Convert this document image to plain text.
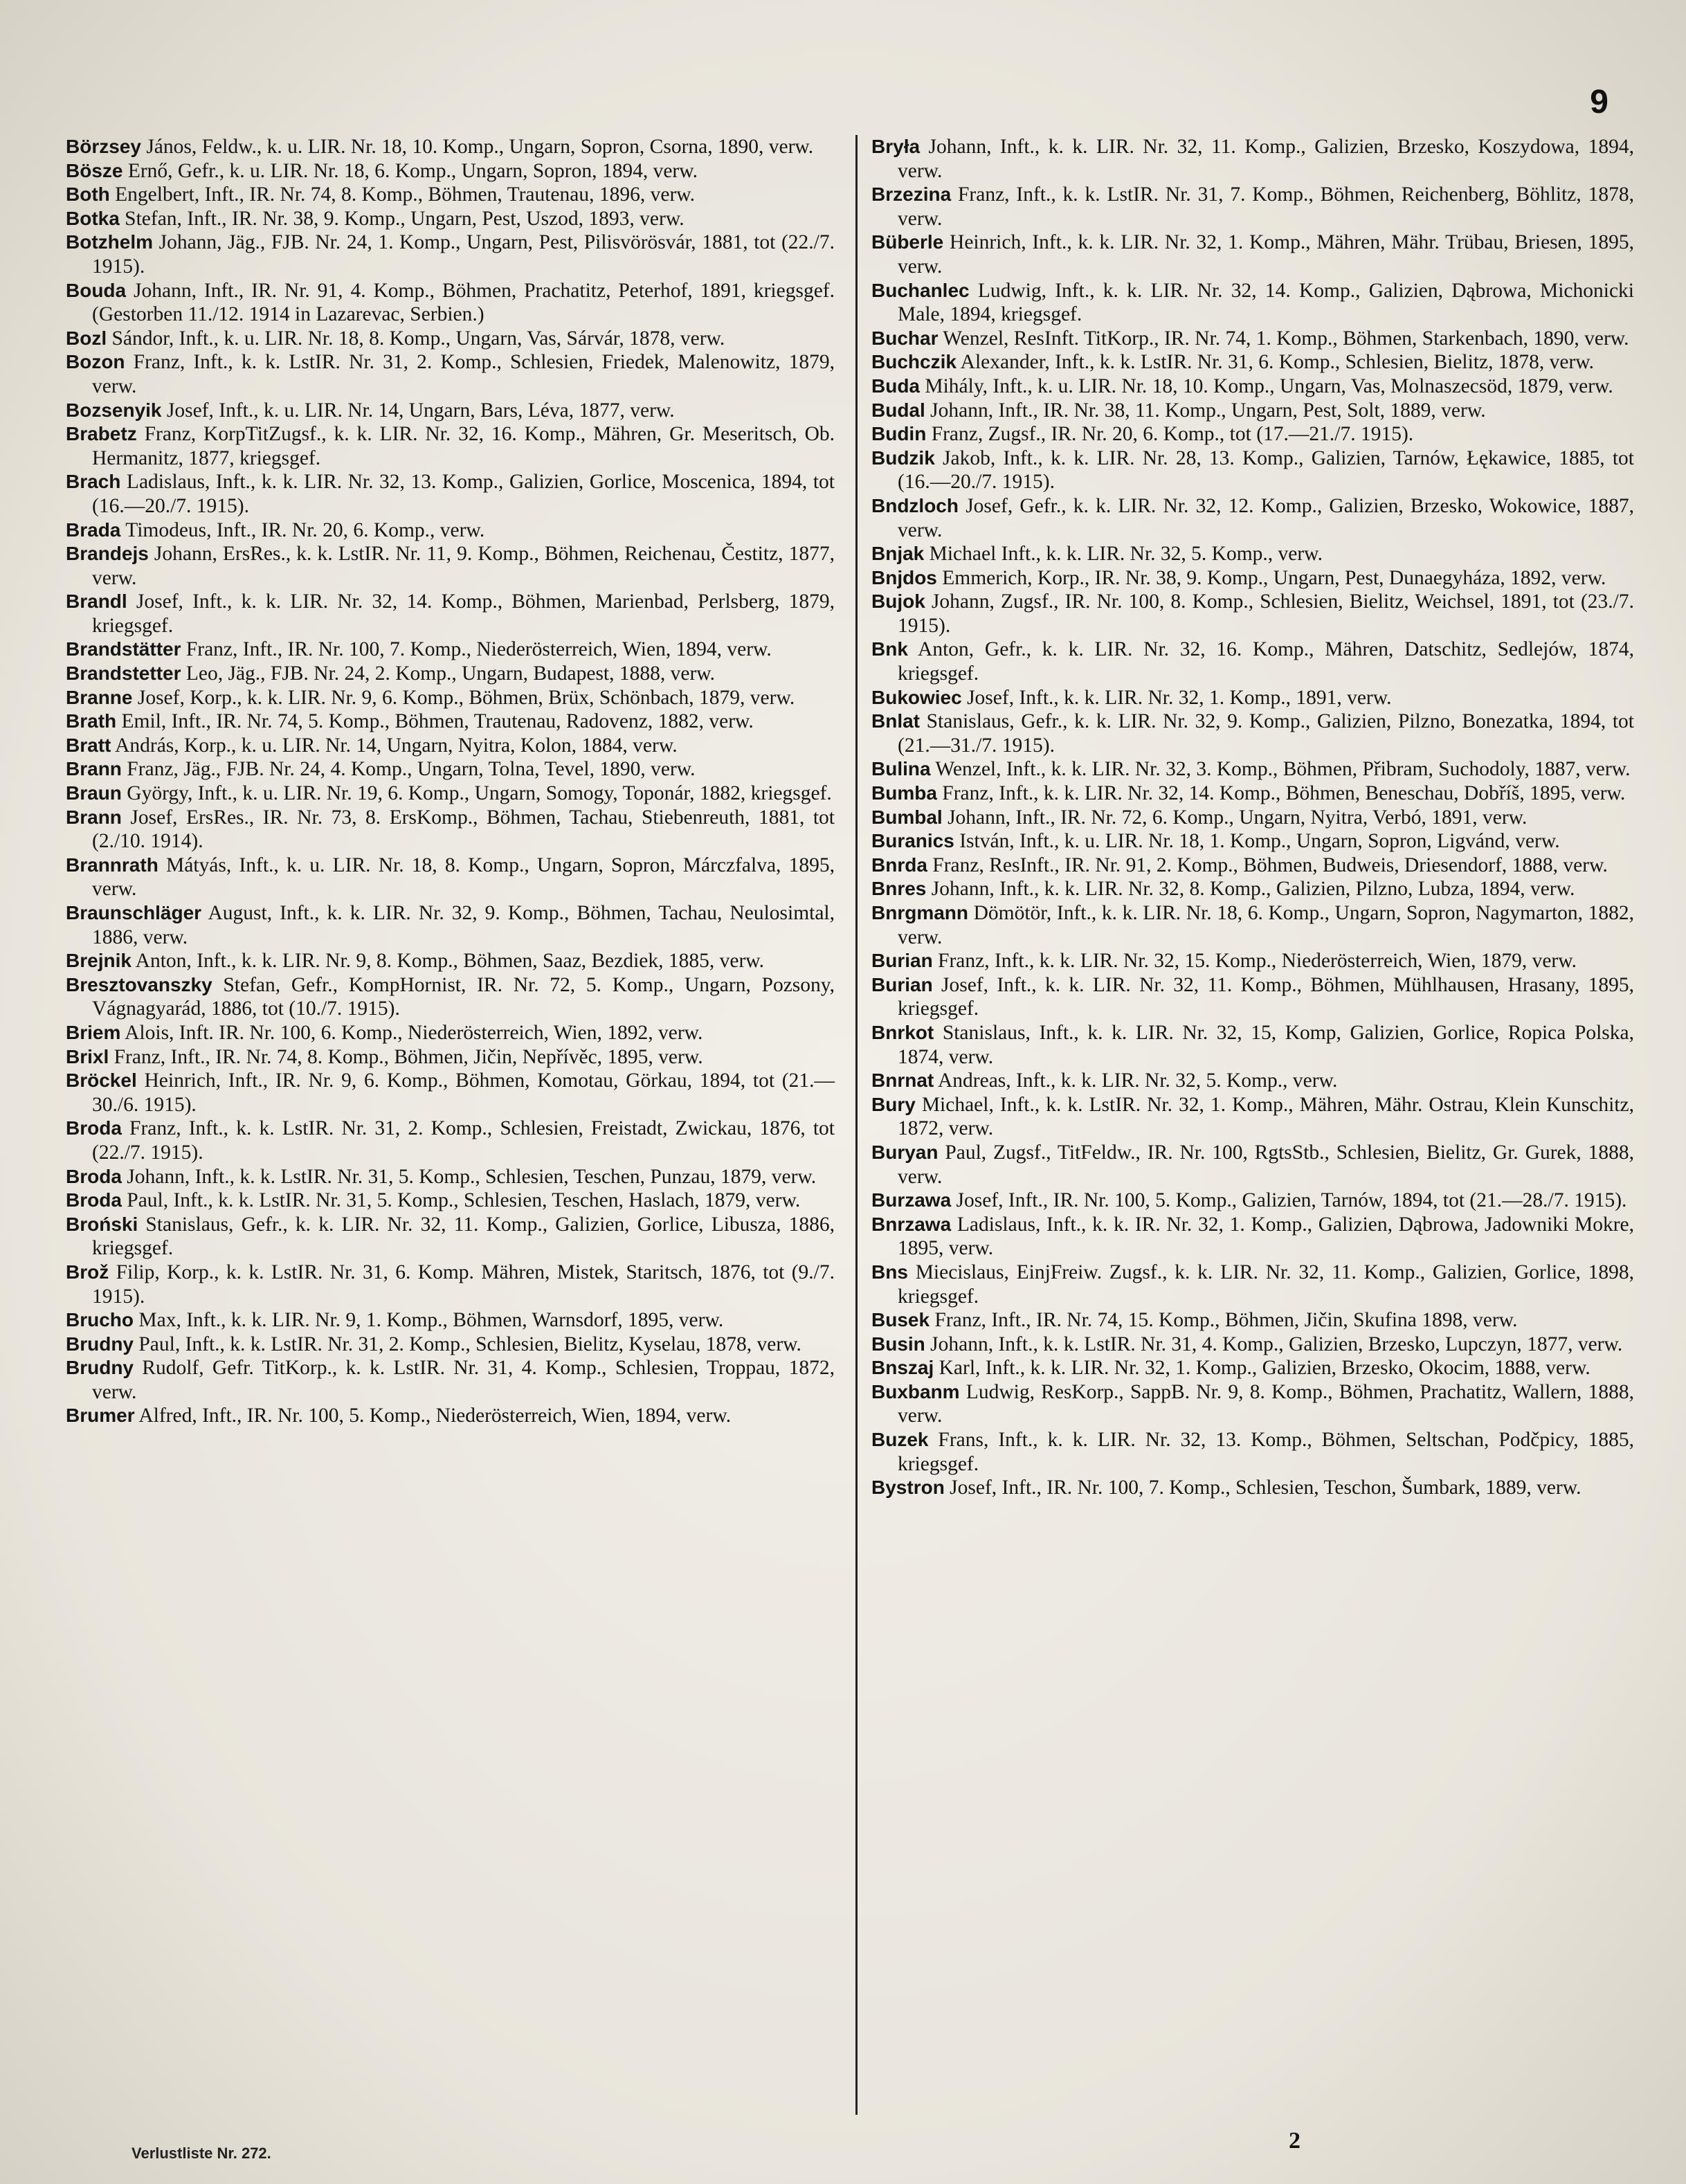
9

Börzsey János, Feldw., k. u. LIR. Nr. 18, 10. Komp., Ungarn, Sopron, Csorna, 1890, verw.

Bösze Ernő, Gefr., k. u. LIR. Nr. 18, 6. Komp., Ungarn, Sopron, 1894, verw.

Both Engelbert, Inft., IR. Nr. 74, 8. Komp., Böhmen, Trautenau, 1896, verw.

Botka Stefan, Inft., IR. Nr. 38, 9. Komp., Ungarn, Pest, Uszod, 1893, verw.

Botzhelm Johann, Jäg., FJB. Nr. 24, 1. Komp., Ungarn, Pest, Pilisvörösvár, 1881, tot (22./7. 1915).

Bouda Johann, Inft., IR. Nr. 91, 4. Komp., Böhmen, Prachatitz, Peterhof, 1891, kriegsgef. (Gestorben 11./12. 1914 in Lazarevac, Serbien.)

Bozl Sándor, Inft., k. u. LIR. Nr. 18, 8. Komp., Ungarn, Vas, Sárvár, 1878, verw.

Bozon Franz, Inft., k. k. LstIR. Nr. 31, 2. Komp., Schlesien, Friedek, Malenowitz, 1879, verw.

Bozsenyik Josef, Inft., k. u. LIR. Nr. 14, Ungarn, Bars, Léva, 1877, verw.

Brabetz Franz, KorpTitZugsf., k. k. LIR. Nr. 32, 16. Komp., Mähren, Gr. Meseritsch, Ob. Hermanitz, 1877, kriegsgef.

Brach Ladislaus, Inft., k. k. LIR. Nr. 32, 13. Komp., Galizien, Gorlice, Moscenica, 1894, tot (16.—20./7. 1915).

Brada Timodeus, Inft., IR. Nr. 20, 6. Komp., verw.

Brandejs Johann, ErsRes., k. k. LstIR. Nr. 11, 9. Komp., Böhmen, Reichenau, Čestitz, 1877, verw.

Brandl Josef, Inft., k. k. LIR. Nr. 32, 14. Komp., Böhmen, Marienbad, Perlsberg, 1879, kriegsgef.

Brandstätter Franz, Inft., IR. Nr. 100, 7. Komp., Niederösterreich, Wien, 1894, verw.

Brandstetter Leo, Jäg., FJB. Nr. 24, 2. Komp., Ungarn, Budapest, 1888, verw.

Branne Josef, Korp., k. k. LIR. Nr. 9, 6. Komp., Böhmen, Brüx, Schönbach, 1879, verw.

Brath Emil, Inft., IR. Nr. 74, 5. Komp., Böhmen, Trautenau, Radovenz, 1882, verw.

Bratt András, Korp., k. u. LIR. Nr. 14, Ungarn, Nyitra, Kolon, 1884, verw.

Brann Franz, Jäg., FJB. Nr. 24, 4. Komp., Ungarn, Tolna, Tevel, 1890, verw.

Braun György, Inft., k. u. LIR. Nr. 19, 6. Komp., Ungarn, Somogy, Toponár, 1882, kriegsgef.

Brann Josef, ErsRes., IR. Nr. 73, 8. ErsKomp., Böhmen, Tachau, Stiebenreuth, 1881, tot (2./10. 1914).

Brannrath Mátyás, Inft., k. u. LIR. Nr. 18, 8. Komp., Ungarn, Sopron, Márczfalva, 1895, verw.

Braunschläger August, Inft., k. k. LIR. Nr. 32, 9. Komp., Böhmen, Tachau, Neulosimtal, 1886, verw.

Brejnik Anton, Inft., k. k. LIR. Nr. 9, 8. Komp., Böhmen, Saaz, Bezdiek, 1885, verw.

Bresztovanszky Stefan, Gefr., KompHornist, IR. Nr. 72, 5. Komp., Ungarn, Pozsony, Vágnagyarád, 1886, tot (10./7. 1915).

Briem Alois, Inft. IR. Nr. 100, 6. Komp., Niederösterreich, Wien, 1892, verw.

Brixl Franz, Inft., IR. Nr. 74, 8. Komp., Böhmen, Jičin, Nepřívěc, 1895, verw.

Bröckel Heinrich, Inft., IR. Nr. 9, 6. Komp., Böhmen, Komotau, Görkau, 1894, tot (21.—30./6. 1915).

Broda Franz, Inft., k. k. LstIR. Nr. 31, 2. Komp., Schlesien, Freistadt, Zwickau, 1876, tot (22./7. 1915).

Broda Johann, Inft., k. k. LstIR. Nr. 31, 5. Komp., Schlesien, Teschen, Punzau, 1879, verw.

Broda Paul, Inft., k. k. LstIR. Nr. 31, 5. Komp., Schlesien, Teschen, Haslach, 1879, verw.

Broński Stanislaus, Gefr., k. k. LIR. Nr. 32, 11. Komp., Galizien, Gorlice, Libusza, 1886, kriegsgef.

Brož Filip, Korp., k. k. LstIR. Nr. 31, 6. Komp. Mähren, Mistek, Staritsch, 1876, tot (9./7. 1915).

Brucho Max, Inft., k. k. LIR. Nr. 9, 1. Komp., Böhmen, Warnsdorf, 1895, verw.

Brudny Paul, Inft., k. k. LstIR. Nr. 31, 2. Komp., Schlesien, Bielitz, Kyselau, 1878, verw.

Brudny Rudolf, Gefr. TitKorp., k. k. LstIR. Nr. 31, 4. Komp., Schlesien, Troppau, 1872, verw.

Brumer Alfred, Inft., IR. Nr. 100, 5. Komp., Niederösterreich, Wien, 1894, verw.

Bryła Johann, Inft., k. k. LIR. Nr. 32, 11. Komp., Galizien, Brzesko, Koszydowa, 1894, verw.

Brzezina Franz, Inft., k. k. LstIR. Nr. 31, 7. Komp., Böhmen, Reichenberg, Böhlitz, 1878, verw.

Büberle Heinrich, Inft., k. k. LIR. Nr. 32, 1. Komp., Mähren, Mähr. Trübau, Briesen, 1895, verw.

Buchanlec Ludwig, Inft., k. k. LIR. Nr. 32, 14. Komp., Galizien, Dąbrowa, Michonicki Male, 1894, kriegsgef.

Buchar Wenzel, ResInft. TitKorp., IR. Nr. 74, 1. Komp., Böhmen, Starkenbach, 1890, verw.

Buchczik Alexander, Inft., k. k. LstIR. Nr. 31, 6. Komp., Schlesien, Bielitz, 1878, verw.

Buda Mihály, Inft., k. u. LIR. Nr. 18, 10. Komp., Ungarn, Vas, Molnaszecsöd, 1879, verw.

Budal Johann, Inft., IR. Nr. 38, 11. Komp., Ungarn, Pest, Solt, 1889, verw.

Budin Franz, Zugsf., IR. Nr. 20, 6. Komp., tot (17.—21./7. 1915).

Budzik Jakob, Inft., k. k. LIR. Nr. 28, 13. Komp., Galizien, Tarnów, Łękawice, 1885, tot (16.—20./7. 1915).

Bndzloch Josef, Gefr., k. k. LIR. Nr. 32, 12. Komp., Galizien, Brzesko, Wokowice, 1887, verw.

Bnjak Michael Inft., k. k. LIR. Nr. 32, 5. Komp., verw.

Bnjdos Emmerich, Korp., IR. Nr. 38, 9. Komp., Ungarn, Pest, Dunaegyháza, 1892, verw.

Bujok Johann, Zugsf., IR. Nr. 100, 8. Komp., Schlesien, Bielitz, Weichsel, 1891, tot (23./7. 1915).

Bnk Anton, Gefr., k. k. LIR. Nr. 32, 16. Komp., Mähren, Datschitz, Sedlejów, 1874, kriegsgef.

Bukowiec Josef, Inft., k. k. LIR. Nr. 32, 1. Komp., 1891, verw.

Bnlat Stanislaus, Gefr., k. k. LIR. Nr. 32, 9. Komp., Galizien, Pilzno, Bonezatka, 1894, tot (21.—31./7. 1915).

Bulina Wenzel, Inft., k. k. LIR. Nr. 32, 3. Komp., Böhmen, Přibram, Suchodoly, 1887, verw.

Bumba Franz, Inft., k. k. LIR. Nr. 32, 14. Komp., Böhmen, Beneschau, Dobříš, 1895, verw.

Bumbal Johann, Inft., IR. Nr. 72, 6. Komp., Ungarn, Nyitra, Verbó, 1891, verw.

Buranics István, Inft., k. u. LIR. Nr. 18, 1. Komp., Ungarn, Sopron, Ligvánd, verw.

Bnrda Franz, ResInft., IR. Nr. 91, 2. Komp., Böhmen, Budweis, Driesendorf, 1888, verw.

Bnres Johann, Inft., k. k. LIR. Nr. 32, 8. Komp., Galizien, Pilzno, Lubza, 1894, verw.

Bnrgmann Dömötör, Inft., k. k. LIR. Nr. 18, 6. Komp., Ungarn, Sopron, Nagymarton, 1882, verw.

Burian Franz, Inft., k. k. LIR. Nr. 32, 15. Komp., Niederösterreich, Wien, 1879, verw.

Burian Josef, Inft., k. k. LIR. Nr. 32, 11. Komp., Böhmen, Mühlhausen, Hrasany, 1895, kriegsgef.

Bnrkot Stanislaus, Inft., k. k. LIR. Nr. 32, 15, Komp, Galizien, Gorlice, Ropica Polska, 1874, verw.

Bnrnat Andreas, Inft., k. k. LIR. Nr. 32, 5. Komp., verw.

Bury Michael, Inft., k. k. LstIR. Nr. 32, 1. Komp., Mähren, Mähr. Ostrau, Klein Kunschitz, 1872, verw.

Buryan Paul, Zugsf., TitFeldw., IR. Nr. 100, RgtsStb., Schlesien, Bielitz, Gr. Gurek, 1888, verw.

Burzawa Josef, Inft., IR. Nr. 100, 5. Komp., Galizien, Tarnów, 1894, tot (21.—28./7. 1915).

Bnrzawa Ladislaus, Inft., k. k. IR. Nr. 32, 1. Komp., Galizien, Dąbrowa, Jadowniki Mokre, 1895, verw.

Bns Miecislaus, EinjFreiw. Zugsf., k. k. LIR. Nr. 32, 11. Komp., Galizien, Gorlice, 1898, kriegsgef.

Busek Franz, Inft., IR. Nr. 74, 15. Komp., Böhmen, Jičin, Skufina 1898, verw.

Busin Johann, Inft., k. k. LstIR. Nr. 31, 4. Komp., Galizien, Brzesko, Lupczyn, 1877, verw.

Bnszaj Karl, Inft., k. k. LIR. Nr. 32, 1. Komp., Galizien, Brzesko, Okocim, 1888, verw.

Buxbanm Ludwig, ResKorp., SappB. Nr. 9, 8. Komp., Böhmen, Prachatitz, Wallern, 1888, verw.

Buzek Frans, Inft., k. k. LIR. Nr. 32, 13. Komp., Böhmen, Seltschan, Podčpicy, 1885, kriegsgef.

Bystron Josef, Inft., IR. Nr. 100, 7. Komp., Schlesien, Teschon, Šumbark, 1889, verw.

Verlustliste Nr. 272.	2
